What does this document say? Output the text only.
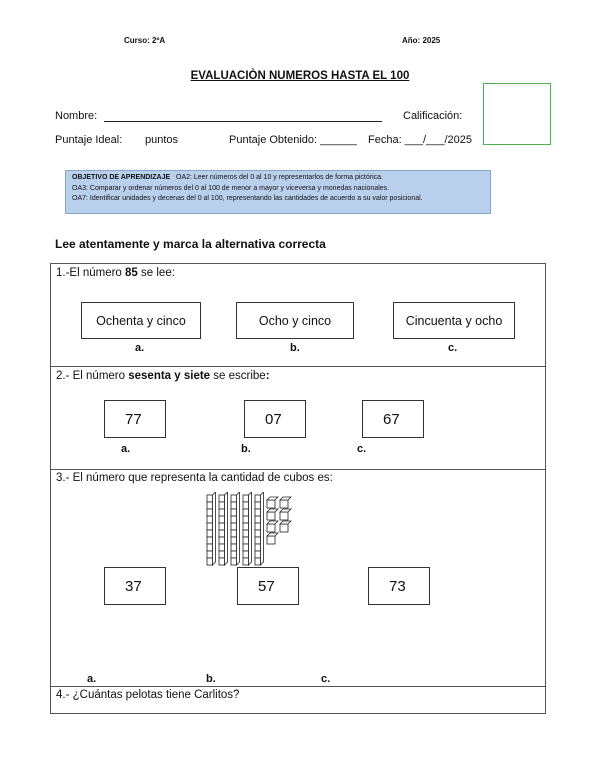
Curso: 2ºA	Año: 2025
EVALUACIÒN NUMEROS HASTA EL 100
Nombre:	Calificación:
Puntaje Ideal: puntos	Puntaje Obtenido: ______ Fecha: ___/___/2025
OBJETIVO DE APRENDIZAJE OA2: Leer números del 0 al 10 y representarlos de forma pictórica.
OA3: Comparar y ordenar números del 0 al 100 de menor a mayor y viceversa y monedas nacionales.
OA7: Identificar unidades y decenas del 0 al 100, representando las cantidades de acuerdo a su valor posicional.
Lee atentamente y marca la alternativa correcta
1.-El número 85 se lee:
Ochenta y cinco	Ocho y cinco	Cincuenta y ocho
a.	b.	c.
2.- El número sesenta y siete se escribe:
77	07	67
a.	b.	c.
3.- El número que representa la cantidad de cubos es:
37	57	73
a.	b.	c.
4.- ¿Cuántas pelotas tiene Carlitos?
